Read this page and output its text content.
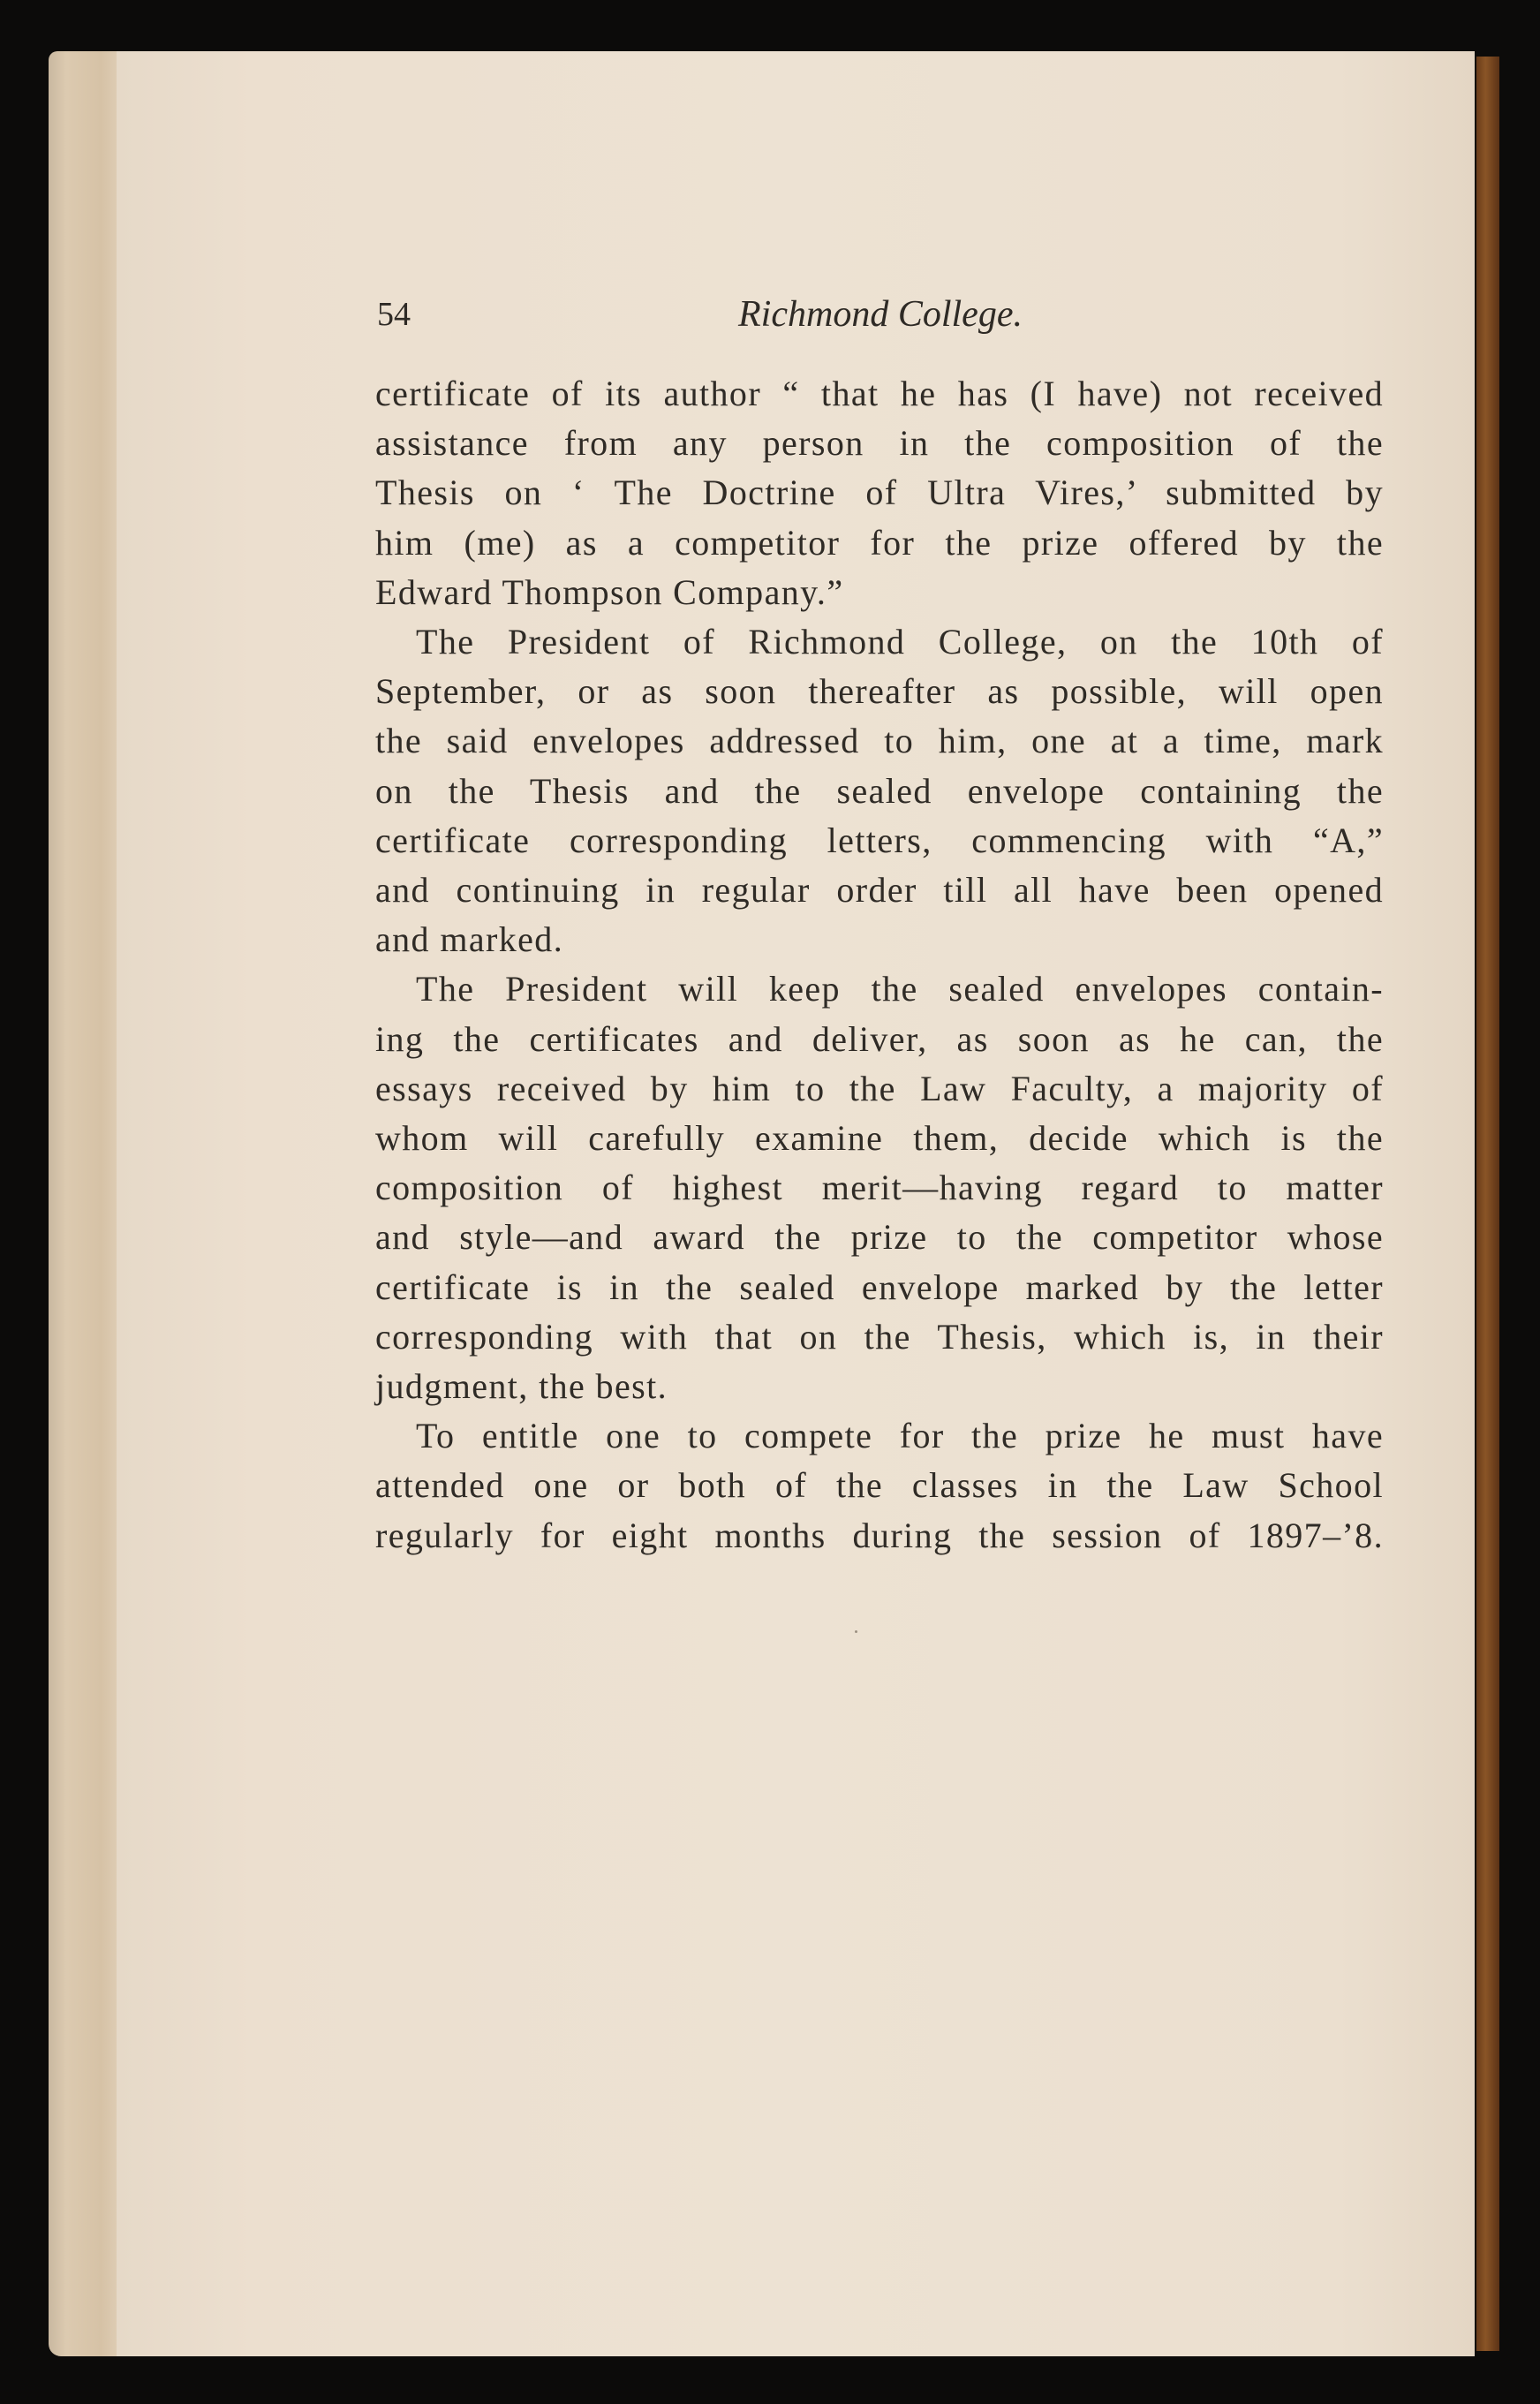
54	Richmond College.

certificate of its author “ that he has (I have) not received
assistance from any person in the composition of the
Thesis on ‘ The Doctrine of Ultra Vires,’ submitted by
him (me) as a competitor for the prize offered by the
Edward Thompson Company.”

The President of Richmond College, on the 10th of
September, or as soon thereafter as possible, will open
the said envelopes addressed to him, one at a time, mark
on the Thesis and the sealed envelope containing the
certificate corresponding letters, commencing with “A,”
and continuing in regular order till all have been opened
and marked.

The President will keep the sealed envelopes contain-
ing the certificates and deliver, as soon as he can, the
essays received by him to the Law Faculty, a majority of
whom will carefully examine them, decide which is the
composition of highest merit—having regard to matter
and style—and award the prize to the competitor whose
certificate is in the sealed envelope marked by the letter
corresponding with that on the Thesis, which is, in their
judgment, the best.

To entitle one to compete for the prize he must have
attended one or both of the classes in the Law School
regularly for eight months during the session of 1897–’8.
